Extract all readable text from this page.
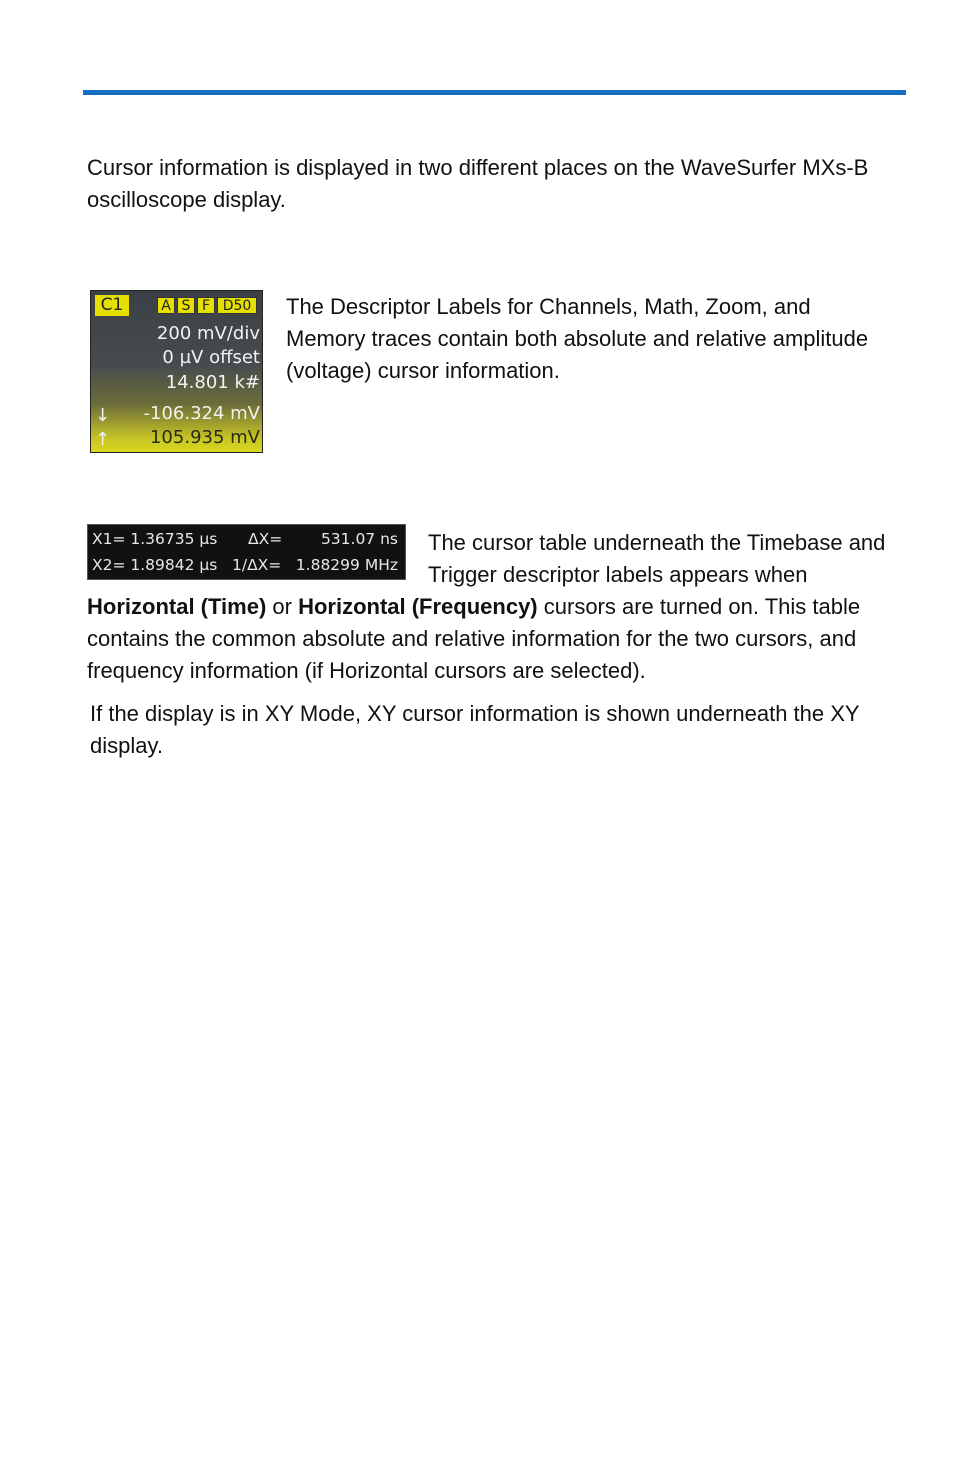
Cursor information is displayed in two different places on the WaveSurfer MXs-B oscilloscope display.

C1	A S F D50
200 mV/div
0 µV offset
14.801 k#
↓ -106.324 mV
↑ 105.935 mV

The Descriptor Labels for Channels, Math, Zoom, and Memory traces contain both absolute and relative amplitude (voltage) cursor information.

X1= 1.36735 µs ΔX= 531.07 ns
X2= 1.89842 µs 1/ΔX= 1.88299 MHz

The cursor table underneath the Timebase and Trigger descriptor labels appears when

Horizontal (Time) or Horizontal (Frequency) cursors are turned on. This table contains the common absolute and relative information for the two cursors, and frequency information (if Horizontal cursors are selected).

If the display is in XY Mode, XY cursor information is shown underneath the XY display.
